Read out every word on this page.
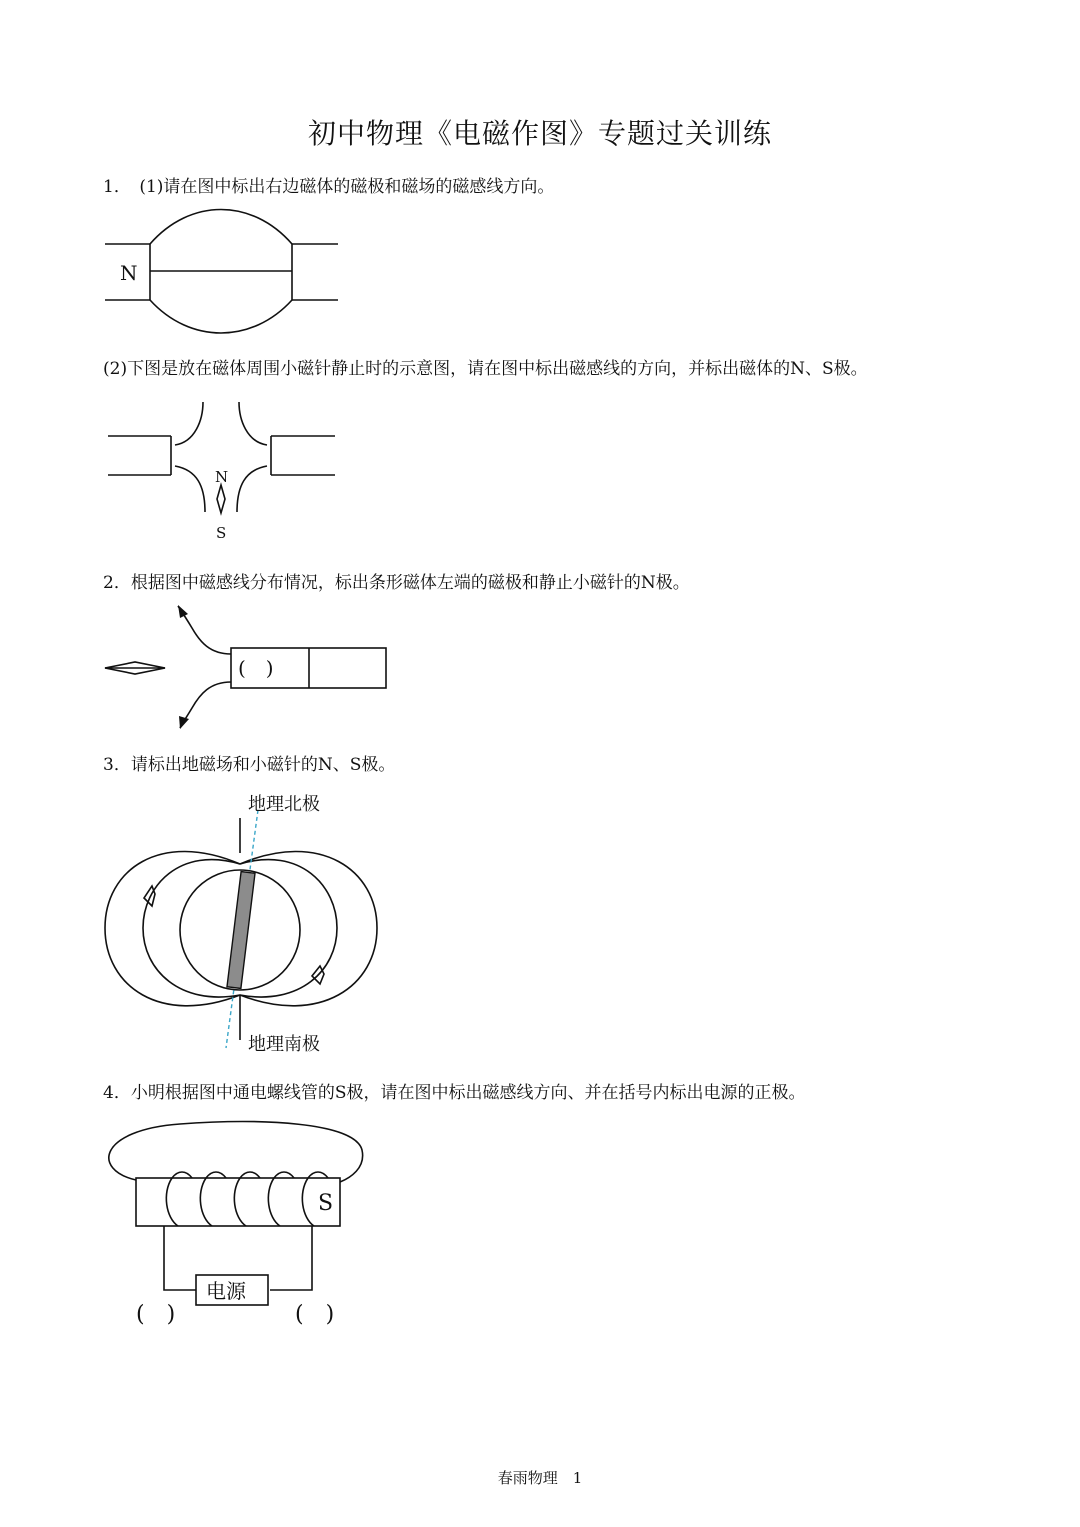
初中物理《电磁作图》专题过关训练
1．　(1)请在图中标出右边磁体的磁极和磁场的磁感线方向。
N
(2)下图是放在磁体周围小磁针静止时的示意图，请在图中标出磁感线的方向，并标出磁体的N、S极。
N
S
2．根据图中磁感线分布情况，标出条形磁体左端的磁极和静止小磁针的N极。
(　)
3．请标出地磁场和小磁针的N、S极。
地理北极
地理南极
4．小明根据图中通电螺线管的S极，请在图中标出磁感线方向、并在括号内标出电源的正极。
S
电源
(　)	(　)
春雨物理　1
